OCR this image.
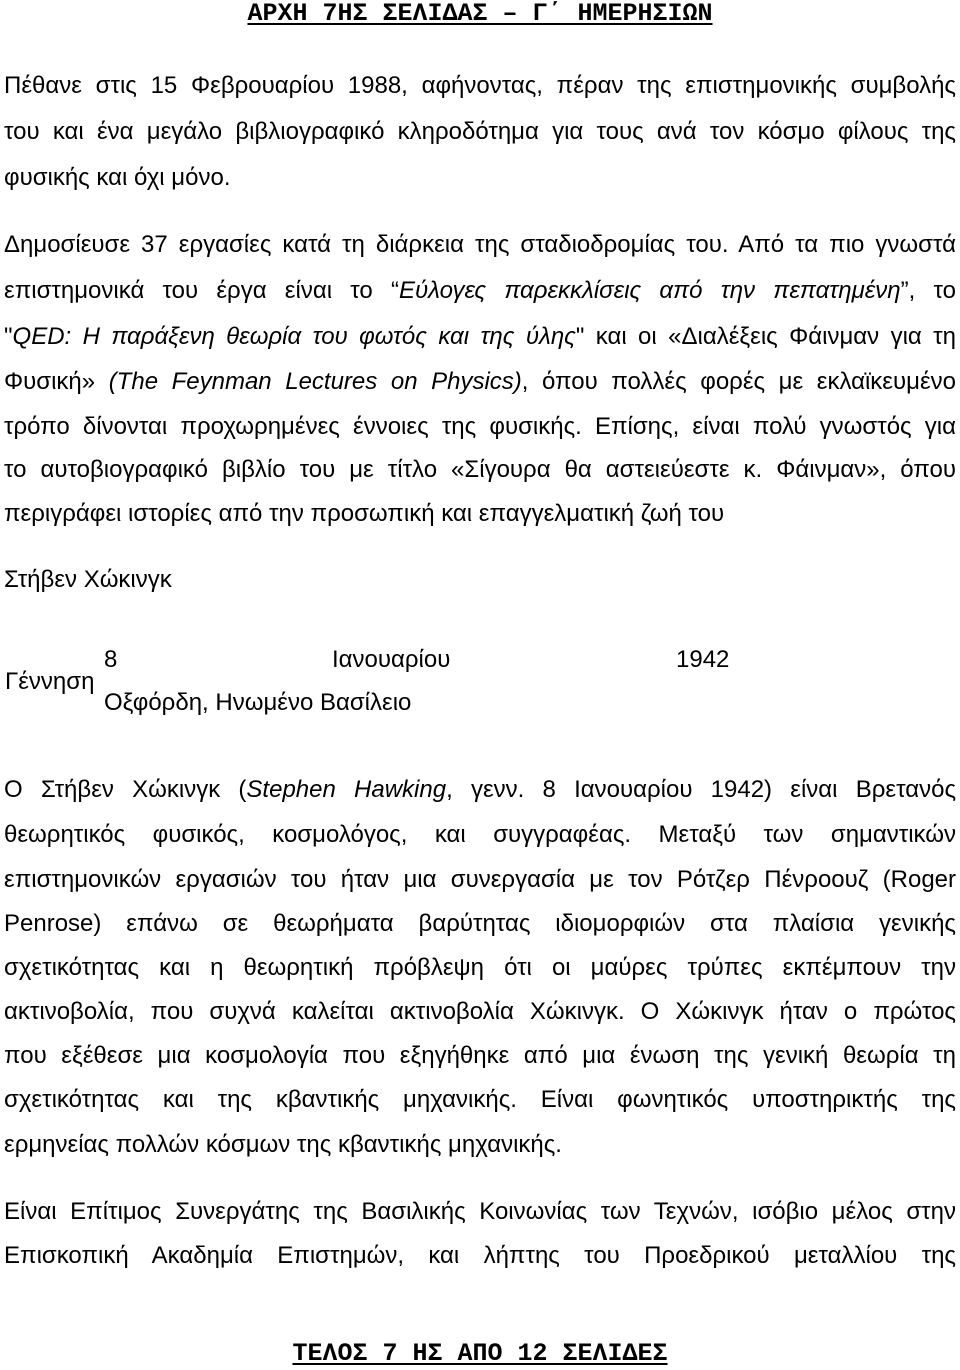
ΑΡΧΗ 7ΗΣ ΣΕΛΙΔΑΣ – Γ΄ ΗΜΕΡΗΣΙΩΝ
Πέθανε στις 15 Φεβρουαρίου 1988, αφήνοντας, πέραν της επιστημονικής συμβολής
του και ένα μεγάλο βιβλιογραφικό κληροδότημα για τους ανά τον κόσμο φίλους της
φυσικής και όχι μόνο.
Δημοσίευσε 37 εργασίες κατά τη διάρκεια της σταδιοδρομίας του. Από τα πιο γνωστά
επιστημονικά του έργα είναι το “Εύλογες παρεκκλίσεις από την πεπατημένη”, το
"QED: Η παράξενη θεωρία του φωτός και της ύλης" και οι «Διαλέξεις Φάινμαν για τη
Φυσική» (The Feynman Lectures on Physics), όπου πολλές φορές με εκλαϊκευμένο
τρόπο δίνονται προχωρημένες έννοιες της φυσικής. Επίσης, είναι πολύ γνωστός για
το αυτοβιογραφικό βιβλίο του με τίτλο «Σίγουρα θα αστειεύεστε κ. Φάινμαν», όπου
περιγράφει ιστορίες από την προσωπική και επαγγελματική ζωή του
Στήβεν Χώκινγκ
8	Ιανουαρίου	1942
Γέννηση
Οξφόρδη, Ηνωμένο Βασίλειο
Ο Στήβεν Χώκινγκ (Stephen Hawking, γενν. 8 Ιανουαρίου 1942) είναι Βρετανός
θεωρητικός φυσικός, κοσμολόγος, και συγγραφέας. Μεταξύ των σημαντικών
επιστημονικών εργασιών του ήταν μια συνεργασία με τον Ρότζερ Πένροουζ (Roger
Penrose) επάνω σε θεωρήματα βαρύτητας ιδιομορφιών στα πλαίσια γενικής
σχετικότητας και η θεωρητική πρόβλεψη ότι οι μαύρες τρύπες εκπέμπουν την
ακτινοβολία, που συχνά καλείται ακτινοβολία Χώκινγκ. Ο Χώκινγκ ήταν ο πρώτος
που εξέθεσε μια κοσμολογία που εξηγήθηκε από μια ένωση της γενική θεωρία τη
σχετικότητας και της κβαντικής μηχανικής. Είναι φωνητικός υποστηρικτής της
ερμηνείας πολλών κόσμων της κβαντικής μηχανικής.
Είναι Επίτιμος Συνεργάτης της Βασιλικής Κοινωνίας των Τεχνών, ισόβιο μέλος στην
Επισκοπική Ακαδημία Επιστημών, και λήπτης του Προεδρικού μεταλλίου της
ΤΕΛΟΣ 7 ΗΣ ΑΠΟ 12 ΣΕΛΙΔΕΣ
